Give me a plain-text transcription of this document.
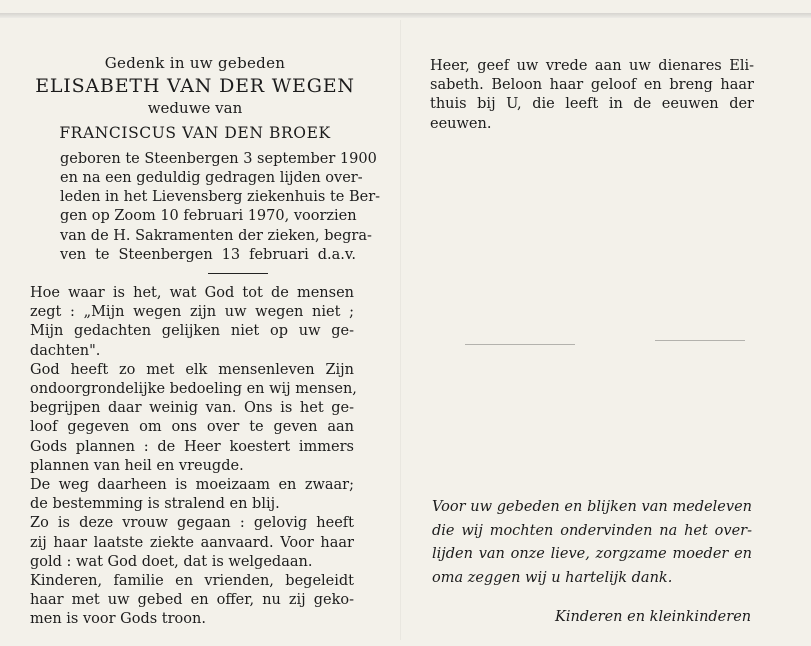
Gedenk in uw gebeden
ELISABETH VAN DER WEGEN
weduwe van
FRANCISCUS VAN DEN BROEK
geboren te Steenbergen 3 september 1900
en na een geduldig gedragen lijden over-
leden in het Lievensberg ziekenhuis te Ber-
gen op Zoom 10 februari 1970, voorzien
van de H. Sakramenten der zieken, begra-
ven te Steenbergen 13 februari d.a.v.
Hoe waar is het, wat God tot de mensen
zegt : „Mijn wegen zijn uw wegen niet ;
Mijn gedachten gelijken niet op uw ge-
dachten".
God heeft zo met elk mensenleven Zijn
ondoorgrondelijke bedoeling en wij mensen,
begrijpen daar weinig van. Ons is het ge-
loof gegeven om ons over te geven aan
Gods plannen : de Heer koestert immers
plannen van heil en vreugde.
De weg daarheen is moeizaam en zwaar;
de bestemming is stralend en blij.
Zo is deze vrouw gegaan : gelovig heeft
zij haar laatste ziekte aanvaard. Voor haar
gold : wat God doet, dat is welgedaan.
Kinderen, familie en vrienden, begeleidt
haar met uw gebed en offer, nu zij geko-
men is voor Gods troon.
Heer, geef uw vrede aan uw dienares Eli-
sabeth. Beloon haar geloof en breng haar
thuis bij U, die leeft in de eeuwen der
eeuwen.
Voor uw gebeden en blijken van medeleven
die wij mochten ondervinden na het over-
lijden van onze lieve, zorgzame moeder en
oma zeggen wij u hartelijk dank.
Kinderen en kleinkinderen
